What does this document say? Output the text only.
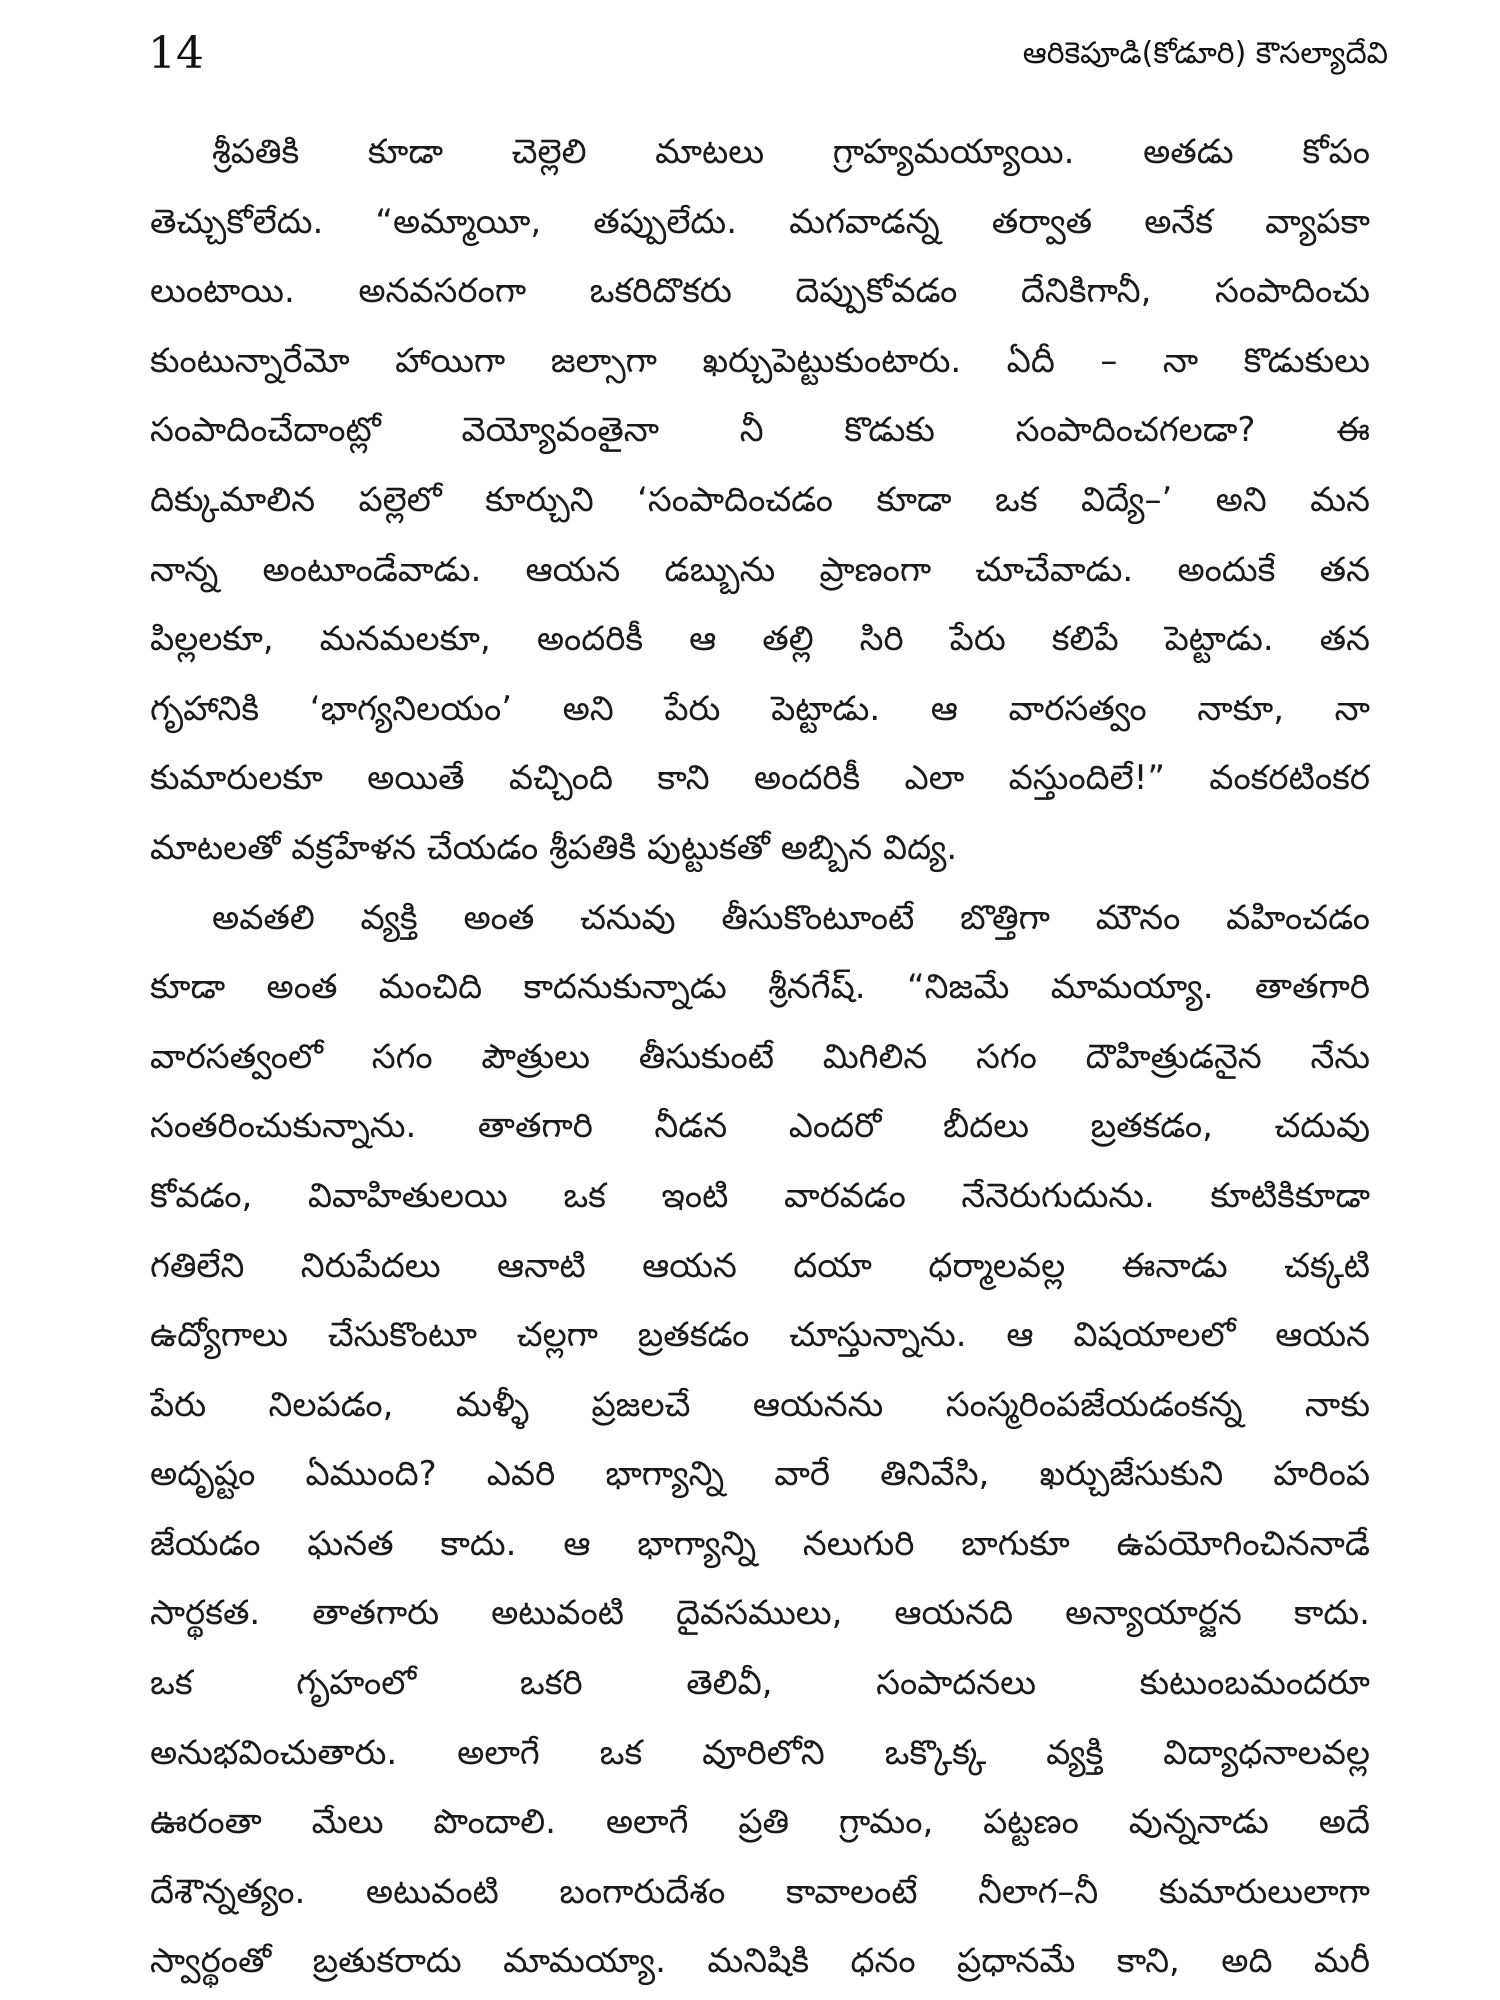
14	ఆరికెపూడి(కోడూరి) కౌసల్యాదేవి
శ్రీపతికి కూడా చెల్లెలి మాటలు గ్రాహ్యమయ్యాయి. అతడు కోపం
తెచ్చుకోలేదు. “అమ్మాయీ, తప్పులేదు. మగవాడన్న తర్వాత అనేక వ్యాపకా
లుంటాయి. అనవసరంగా ఒకరిదొకరు దెప్పుకోవడం దేనికిగానీ, సంపాదించు
కుంటున్నారేమో హాయిగా జల్సాగా ఖర్చుపెట్టుకుంటారు. ఏదీ – నా కొడుకులు
సంపాదించేదాంట్లో వెయ్యోవంతైనా నీ కొడుకు సంపాదించగలడా? ఈ
దిక్కుమాలిన పల్లెలో కూర్చుని ‘సంపాదించడం కూడా ఒక విద్యే–’ అని మన
నాన్న అంటూండేవాడు. ఆయన డబ్బును ప్రాణంగా చూచేవాడు. అందుకే తన
పిల్లలకూ, మనమలకూ, అందరికీ ఆ తల్లి సిరి పేరు కలిపే పెట్టాడు. తన
గృహానికి ‘భాగ్యనిలయం’ అని పేరు పెట్టాడు. ఆ వారసత్వం నాకూ, నా
కుమారులకూ అయితే వచ్చింది కాని అందరికీ ఎలా వస్తుందిలే!” వంకరటింకర
మాటలతో వక్రహేళన చేయడం శ్రీపతికి పుట్టుకతో అబ్బిన విద్య.
అవతలి వ్యక్తి అంత చనువు తీసుకొంటూంటే బొత్తిగా మౌనం వహించడం
కూడా అంత మంచిది కాదనుకున్నాడు శ్రీనగేష్. “నిజమే మామయ్యా. తాతగారి
వారసత్వంలో సగం పౌత్రులు తీసుకుంటే మిగిలిన సగం దౌహిత్రుడనైన నేను
సంతరించుకున్నాను. తాతగారి నీడన ఎందరో బీదలు బ్రతకడం, చదువు
కోవడం, వివాహితులయి ఒక ఇంటి వారవడం నేనెరుగుదును. కూటికికూడా
గతిలేని నిరుపేదలు ఆనాటి ఆయన దయా ధర్మాలవల్ల ఈనాడు చక్కటి
ఉద్యోగాలు చేసుకొంటూ చల్లగా బ్రతకడం చూస్తున్నాను. ఆ విషయాలలో ఆయన
పేరు నిలపడం, మళ్ళీ ప్రజలచే ఆయనను సంస్మరింపజేయడంకన్న నాకు
అదృష్టం ఏముంది? ఎవరి భాగ్యాన్ని వారే తినివేసి, ఖర్చుజేసుకుని హరింప
జేయడం ఘనత కాదు. ఆ భాగ్యాన్ని నలుగురి బాగుకూ ఉపయోగించిననాడే
సార్థకత. తాతగారు అటువంటి దైవసములు, ఆయనది అన్యాయార్జన కాదు.
ఒక గృహంలో ఒకరి తెలివీ, సంపాదనలు కుటుంబమందరూ
అనుభవించుతారు. అలాగే ఒక వూరిలోని ఒక్కొక్క వ్యక్తి విద్యాధనాలవల్ల
ఊరంతా మేలు పొందాలి. అలాగే ప్రతి గ్రామం, పట్టణం వున్ననాడు అదే
దేశౌన్నత్యం. అటువంటి బంగారుదేశం కావాలంటే నీలాగ–నీ కుమారులులాగా
స్వార్థంతో బ్రతుకరాదు మామయ్యా. మనిషికి ధనం ప్రధానమే కాని, అది మరీ
